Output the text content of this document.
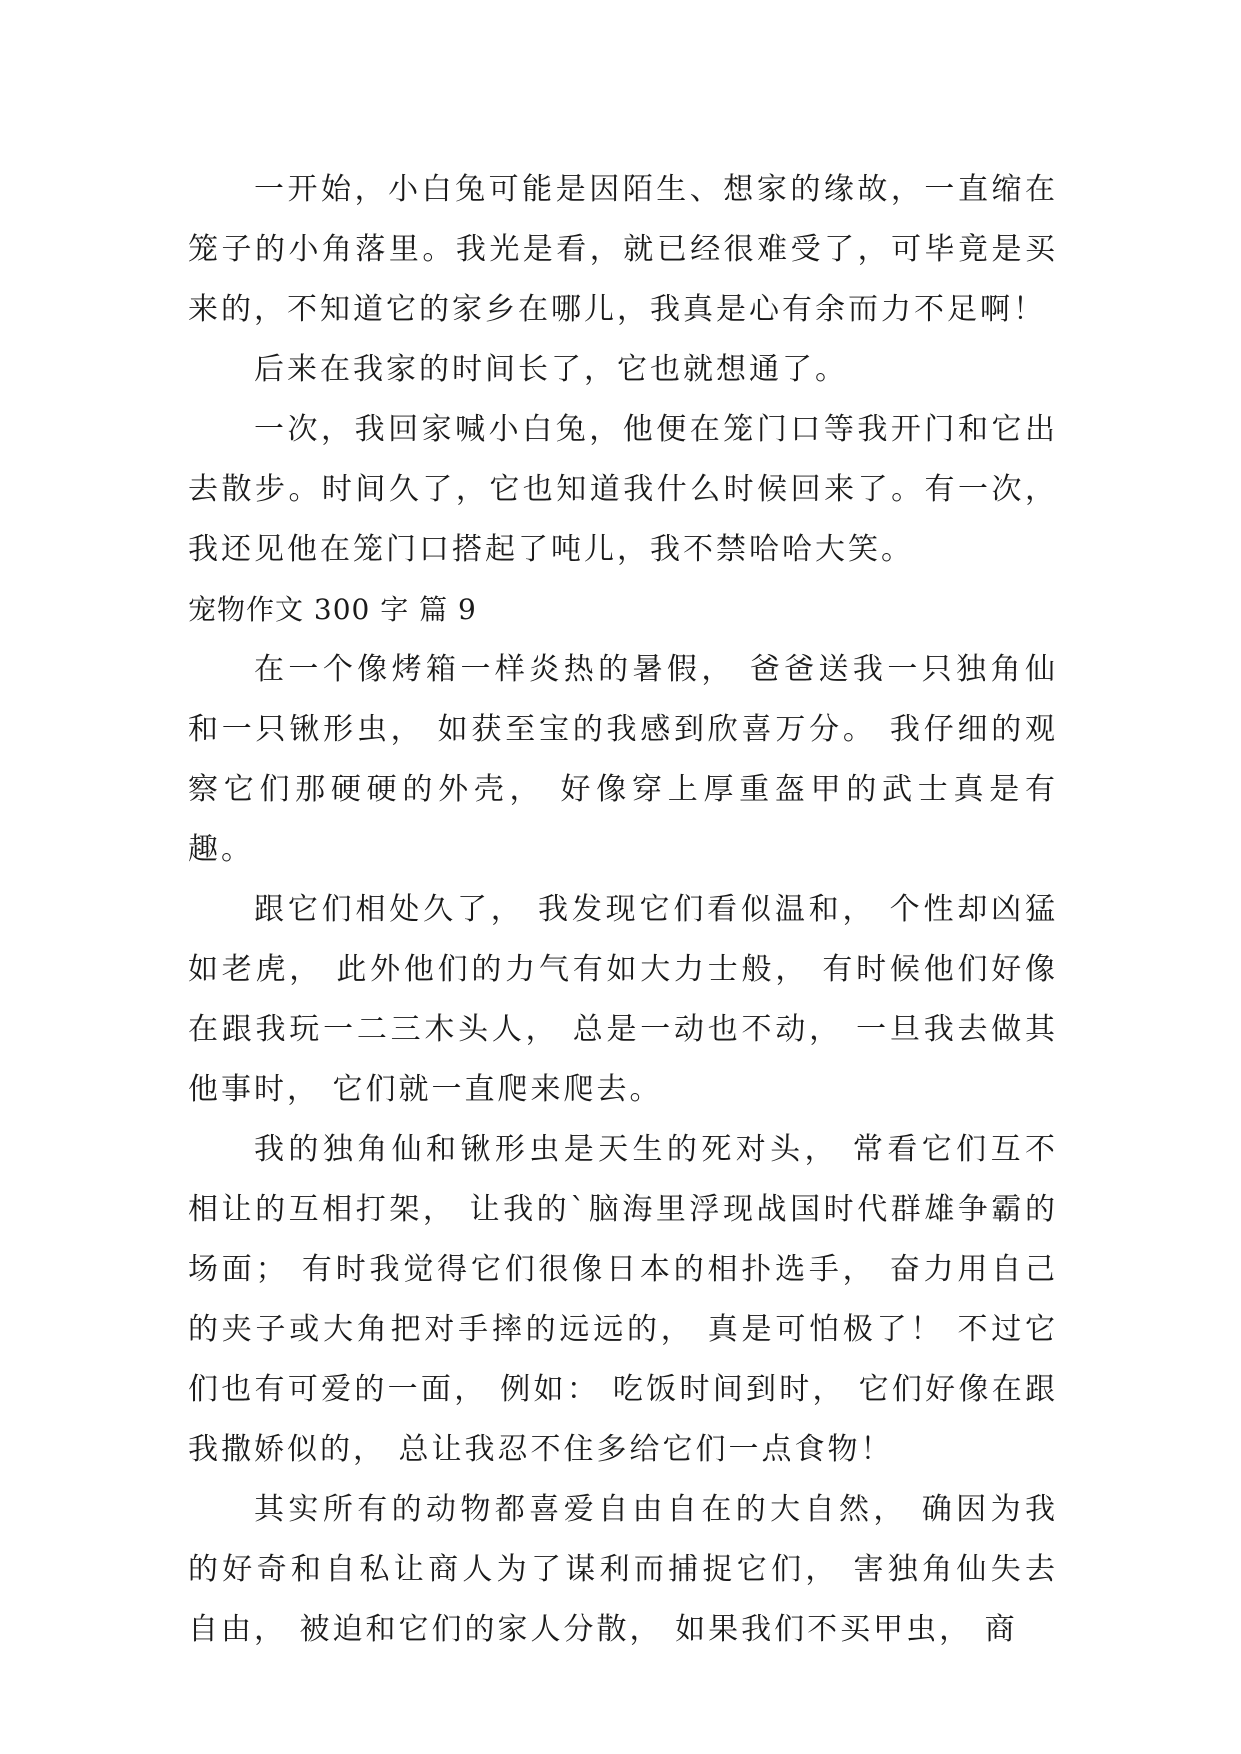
一开始，小白兔可能是因陌生、想家的缘故，一直缩在笼子的小角落里。我光是看，就已经很难受了，可毕竟是买来的，不知道它的家乡在哪儿，我真是心有余而力不足啊！

后来在我家的时间长了，它也就想通了。

一次，我回家喊小白兔，他便在笼门口等我开门和它出去散步。时间久了，它也知道我什么时候回来了。有一次，我还见他在笼门口搭起了吨儿，我不禁哈哈大笑。

宠物作文 300 字 篇 9

在一个像烤箱一样炎热的暑假， 爸爸送我一只独角仙和一只锹形虫， 如获至宝的我感到欣喜万分。 我仔细的观察它们那硬硬的外壳， 好像穿上厚重盔甲的武士真是有趣。

跟它们相处久了， 我发现它们看似温和， 个性却凶猛如老虎， 此外他们的力气有如大力士般， 有时候他们好像在跟我玩一二三木头人， 总是一动也不动， 一旦我去做其他事时， 它们就一直爬来爬去。

我的独角仙和锹形虫是天生的死对头， 常看它们互不相让的互相打架， 让我的`脑海里浮现战国时代群雄争霸的场面； 有时我觉得它们很像日本的相扑选手， 奋力用自己的夹子或大角把对手摔的远远的， 真是可怕极了！ 不过它们也有可爱的一面， 例如： 吃饭时间到时， 它们好像在跟我撒娇似的， 总让我忍不住多给它们一点食物！

其实所有的动物都喜爱自由自在的大自然， 确因为我的好奇和自私让商人为了谋利而捕捉它们， 害独角仙失去自由， 被迫和它们的家人分散， 如果我们不买甲虫， 商
